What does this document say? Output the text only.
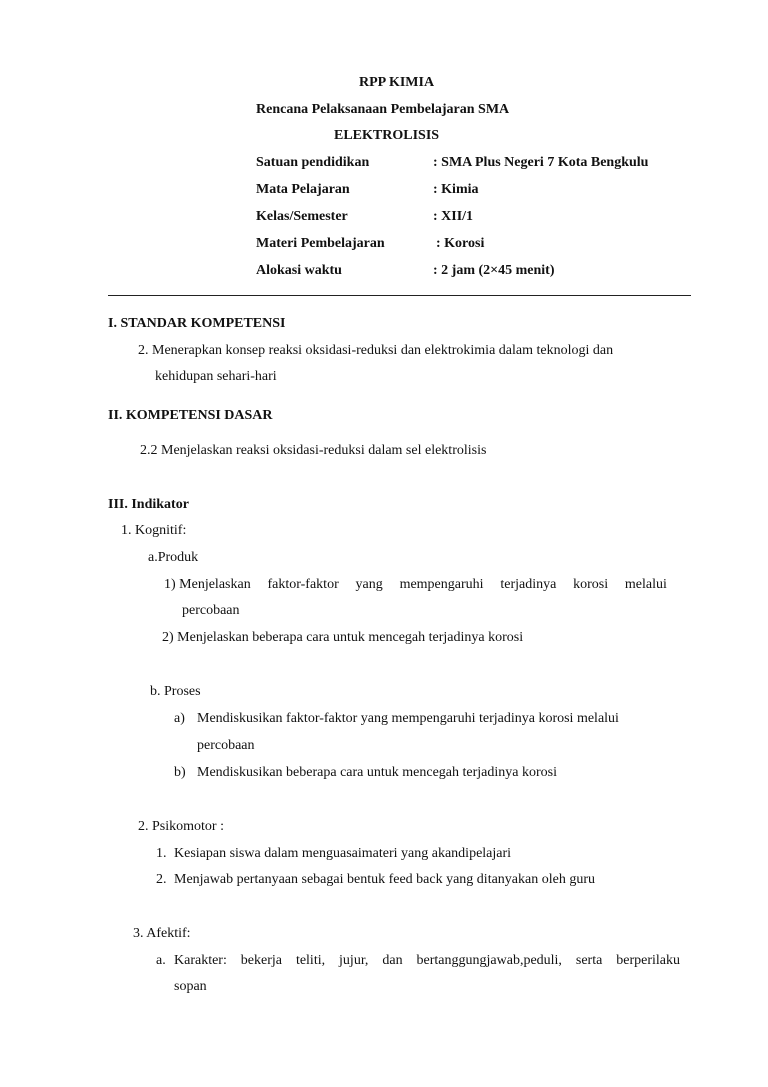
RPP KIMIA
Rencana Pelaksanaan Pembelajaran SMA
ELEKTROLISIS
Satuan pendidikan	: SMA Plus Negeri 7 Kota Bengkulu
Mata Pelajaran	: Kimia
Kelas/Semester	: XII/1
Materi Pembelajaran	: Korosi
Alokasi waktu	: 2 jam (2×45 menit)
I. STANDAR KOMPETENSI
2. Menerapkan konsep reaksi oksidasi-reduksi dan elektrokimia dalam teknologi dan
kehidupan sehari-hari
II. KOMPETENSI DASAR
2.2 Menjelaskan reaksi oksidasi-reduksi dalam sel elektrolisis
III. Indikator
1. Kognitif:
a.Produk
1) Menjelaskan faktor-faktor yang mempengaruhi terjadinya korosi melalui
percobaan
2) Menjelaskan beberapa cara untuk mencegah terjadinya korosi
b. Proses
a) Mendiskusikan faktor-faktor yang mempengaruhi terjadinya korosi melalui
percobaan
b) Mendiskusikan beberapa cara untuk mencegah terjadinya korosi
2. Psikomotor :
1. Kesiapan siswa dalam menguasaimateri yang akandipelajari
2. Menjawab pertanyaan sebagai bentuk feed back yang ditanyakan oleh guru
3. Afektif:
a. Karakter: bekerja teliti, jujur, dan bertanggungjawab,peduli, serta berperilaku
sopan
